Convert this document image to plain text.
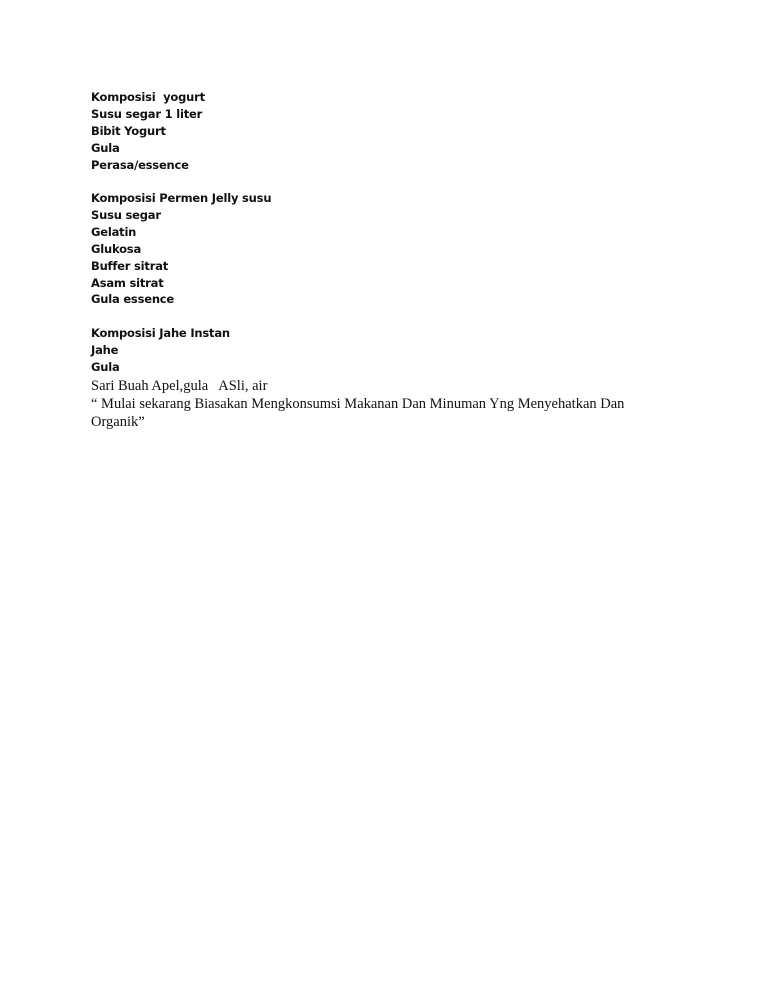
Komposisi  yogurt
Susu segar 1 liter
Bibit Yogurt
Gula
Perasa/essence
Komposisi Permen Jelly susu
Susu segar
Gelatin
Glukosa
Buffer sitrat
Asam sitrat
Gula essence
Komposisi Jahe Instan
Jahe
Gula
Sari Buah Apel,gula   ASli, air
“ Mulai sekarang Biasakan Mengkonsumsi Makanan Dan Minuman Yng Menyehatkan Dan Organik”
